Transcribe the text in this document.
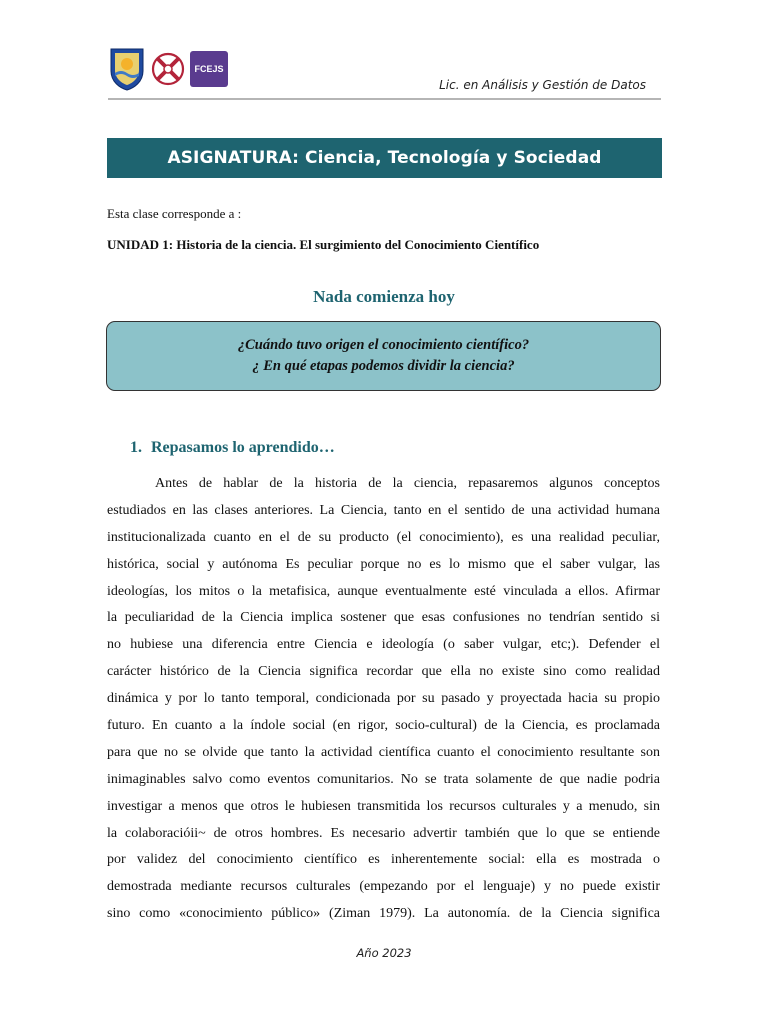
FCEJS
Lic. en Análisis y Gestión de Datos
ASIGNATURA: Ciencia, Tecnología y Sociedad
Esta clase corresponde a :
UNIDAD 1: Historia de la ciencia. El surgimiento del Conocimiento Científico
Nada comienza hoy
¿Cuándo tuvo origen el conocimiento científico?
¿ En qué etapas podemos dividir la ciencia?
1. Repasamos lo aprendido…
Antes de hablar de la historia de la ciencia, repasaremos algunos conceptos
estudiados en las clases anteriores. La Ciencia, tanto en el sentido de una actividad humana
institucionalizada cuanto en el de su producto (el conocimiento), es una realidad peculiar,
histórica, social y autónoma Es peculiar porque no es lo mismo que el saber vulgar, las
ideologías, los mitos o la metafisica, aunque eventualmente esté vinculada a ellos. Afirmar
la peculiaridad de la Ciencia implica sostener que esas confusiones no tendrían sentido si
no hubiese una diferencia entre Ciencia e ideología (o saber vulgar, etc;). Defender el
carácter histórico de la Ciencia significa recordar que ella no existe sino como realidad
dinámica y por lo tanto temporal, condicionada por su pasado y proyectada hacia su propio
futuro. En cuanto a la índole social (en rigor, socio-cultural) de la Ciencia, es proclamada
para que no se olvide que tanto la actividad científica cuanto el conocimiento resultante son
inimaginables salvo como eventos comunitarios. No se trata solamente de que nadie podria
investigar a menos que otros le hubiesen transmitida los recursos culturales y a menudo, sin
la colaboracióii~ de otros hombres. Es necesario advertir también que lo que se entiende
por validez del conocimiento científico es inherentemente social: ella es mostrada o
demostrada mediante recursos culturales (empezando por el lenguaje) y no puede existir
sino como «conocimiento público» (Ziman 1979). La autonomía. de la Ciencia significa
Año 2023
